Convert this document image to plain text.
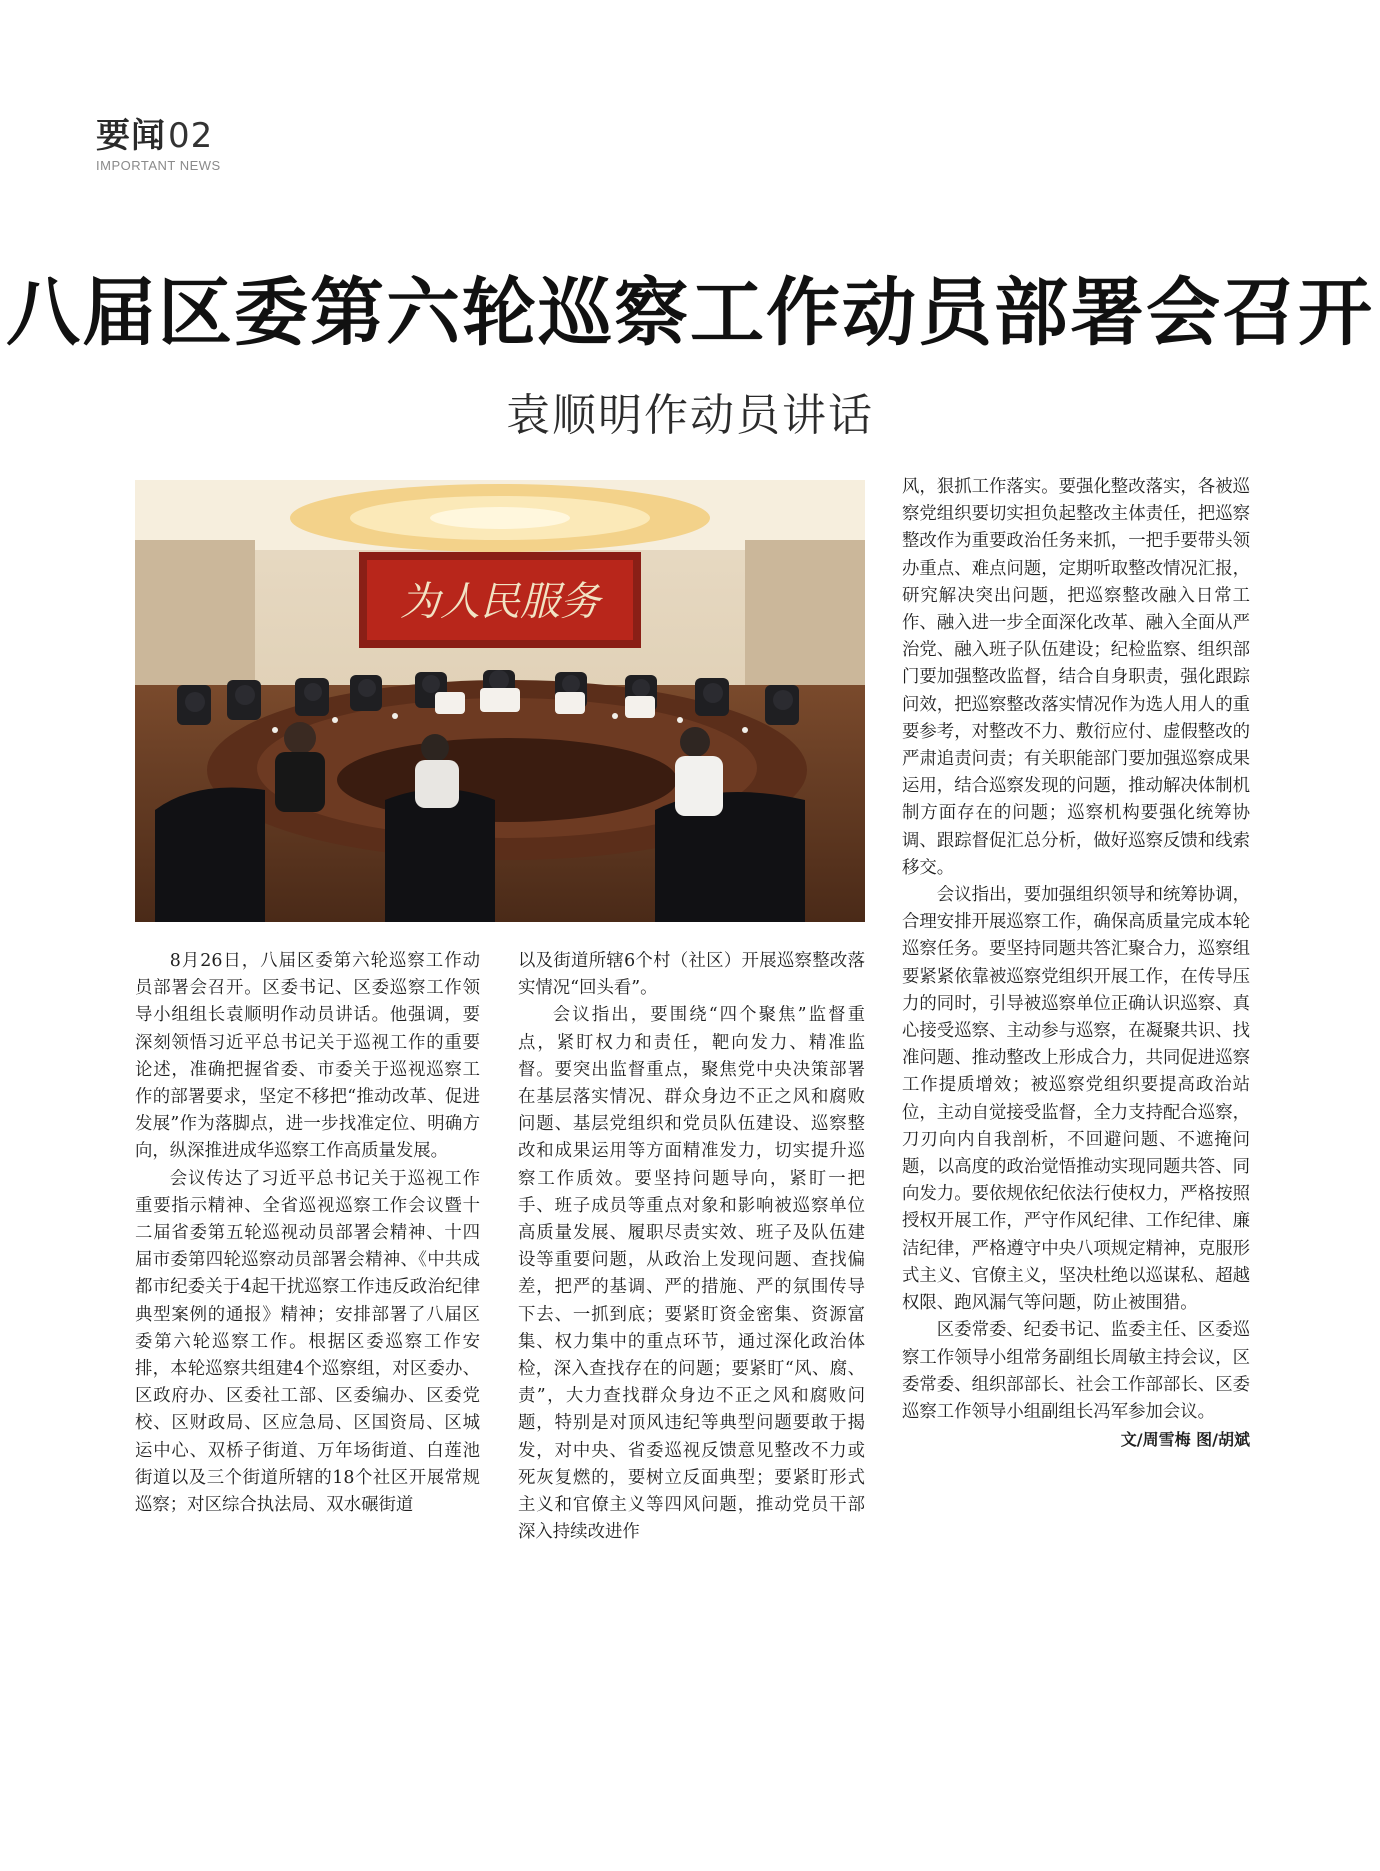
要闻02
IMPORTANT NEWS
八届区委第六轮巡察工作动员部署会召开
袁顺明作动员讲话
为人民服务

8月26日，八届区委第六轮巡察工作动员部署会召开。区委书记、区委巡察工作领导小组组长袁顺明作动员讲话。他强调，要深刻领悟习近平总书记关于巡视工作的重要论述，准确把握省委、市委关于巡视巡察工作的部署要求，坚定不移把“推动改革、促进发展”作为落脚点，进一步找准定位、明确方向，纵深推进成华巡察工作高质量发展。

会议传达了习近平总书记关于巡视工作重要指示精神、全省巡视巡察工作会议暨十二届省委第五轮巡视动员部署会精神、十四届市委第四轮巡察动员部署会精神、《中共成都市纪委关于4起干扰巡察工作违反政治纪律典型案例的通报》精神；安排部署了八届区委第六轮巡察工作。根据区委巡察工作安排，本轮巡察共组建4个巡察组，对区委办、区政府办、区委社工部、区委编办、区委党校、区财政局、区应急局、区国资局、区城运中心、双桥子街道、万年场街道、白莲池街道以及三个街道所辖的18个社区开展常规巡察；对区综合执法局、双水碾街道

以及街道所辖6个村（社区）开展巡察整改落实情况“回头看”。

会议指出，要围绕“四个聚焦”监督重点，紧盯权力和责任，靶向发力、精准监督。要突出监督重点，聚焦党中央决策部署在基层落实情况、群众身边不正之风和腐败问题、基层党组织和党员队伍建设、巡察整改和成果运用等方面精准发力，切实提升巡察工作质效。要坚持问题导向，紧盯一把手、班子成员等重点对象和影响被巡察单位高质量发展、履职尽责实效、班子及队伍建设等重要问题，从政治上发现问题、查找偏差，把严的基调、严的措施、严的氛围传导下去、一抓到底；要紧盯资金密集、资源富集、权力集中的重点环节，通过深化政治体检，深入查找存在的问题；要紧盯“风、腐、责”，大力查找群众身边不正之风和腐败问题，特别是对顶风违纪等典型问题要敢于揭发，对中央、省委巡视反馈意见整改不力或死灰复燃的，要树立反面典型；要紧盯形式主义和官僚主义等四风问题，推动党员干部深入持续改进作

风，狠抓工作落实。要强化整改落实，各被巡察党组织要切实担负起整改主体责任，把巡察整改作为重要政治任务来抓，一把手要带头领办重点、难点问题，定期听取整改情况汇报，研究解决突出问题，把巡察整改融入日常工作、融入进一步全面深化改革、融入全面从严治党、融入班子队伍建设；纪检监察、组织部门要加强整改监督，结合自身职责，强化跟踪问效，把巡察整改落实情况作为选人用人的重要参考，对整改不力、敷衍应付、虚假整改的严肃追责问责；有关职能部门要加强巡察成果运用，结合巡察发现的问题，推动解决体制机制方面存在的问题；巡察机构要强化统筹协调、跟踪督促汇总分析，做好巡察反馈和线索移交。

会议指出，要加强组织领导和统筹协调，合理安排开展巡察工作，确保高质量完成本轮巡察任务。要坚持同题共答汇聚合力，巡察组要紧紧依靠被巡察党组织开展工作，在传导压力的同时，引导被巡察单位正确认识巡察、真心接受巡察、主动参与巡察，在凝聚共识、找准问题、推动整改上形成合力，共同促进巡察工作提质增效；被巡察党组织要提高政治站位，主动自觉接受监督，全力支持配合巡察，刀刃向内自我剖析，不回避问题、不遮掩问题，以高度的政治觉悟推动实现同题共答、同向发力。要依规依纪依法行使权力，严格按照授权开展工作，严守作风纪律、工作纪律、廉洁纪律，严格遵守中央八项规定精神，克服形式主义、官僚主义，坚决杜绝以巡谋私、超越权限、跑风漏气等问题，防止被围猎。

区委常委、纪委书记、监委主任、区委巡察工作领导小组常务副组长周敏主持会议，区委常委、组织部部长、社会工作部部长、区委巡察工作领导小组副组长冯军参加会议。
文/周雪梅 图/胡斌
